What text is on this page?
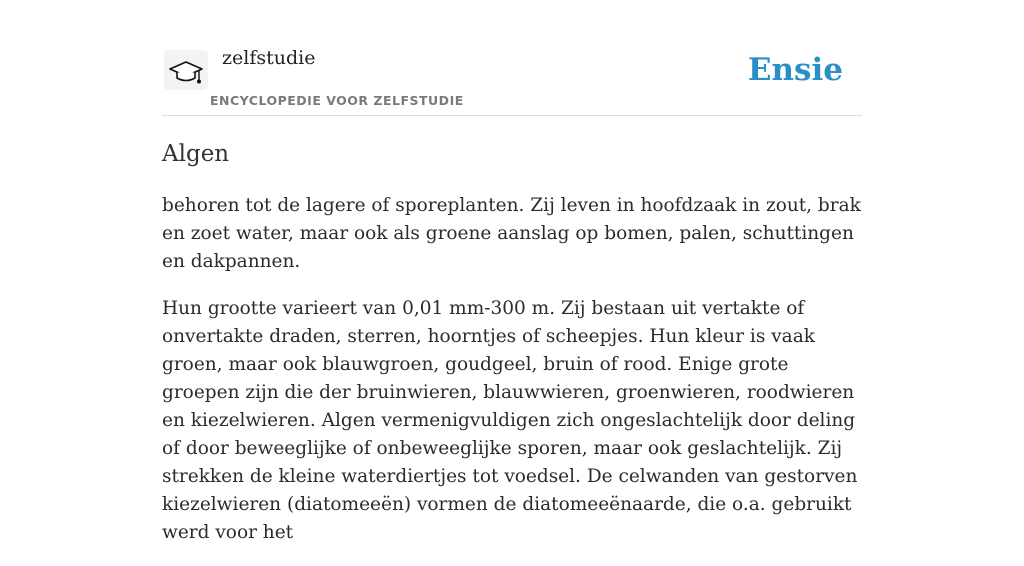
zelfstudie
ENCYCLOPEDIE VOOR ZELFSTUDIE
Ensie
Algen

behoren tot de lagere of sporeplanten. Zij leven in hoofdzaak in zout, brak en zoet water, maar ook als groene aanslag op bomen, palen, schuttingen en dakpannen.

Hun grootte varieert van 0,01 mm-300 m. Zij bestaan uit vertakte of onvertakte draden, sterren, hoorntjes of scheepjes. Hun kleur is vaak groen, maar ook blauwgroen, goudgeel, bruin of rood. Enige grote groepen zijn die der bruinwieren, blauwwieren, groenwieren, roodwieren en kiezelwieren. Algen vermenigvuldigen zich ongeslachtelijk door deling of door beweeglijke of onbeweeglijke sporen, maar ook geslachtelijk. Zij strekken de kleine waterdiertjes tot voedsel. De celwanden van gestorven kiezelwieren (diatomeeën) vormen de diatomeeënaarde, die o.a. gebruikt werd voor het
